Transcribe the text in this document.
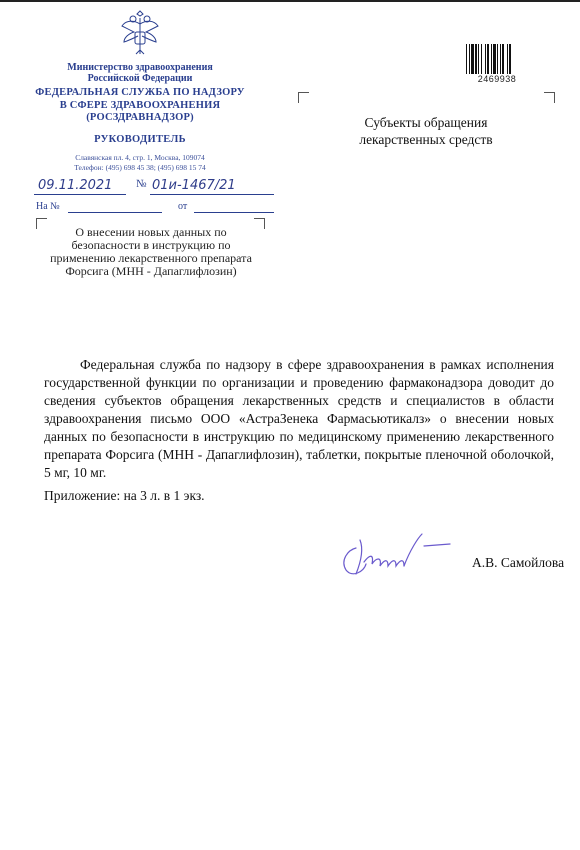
Министерство здравоохранения
Российской Федерации
ФЕДЕРАЛЬНАЯ СЛУЖБА ПО НАДЗОРУ
В СФЕРЕ ЗДРАВООХРАНЕНИЯ
(РОСЗДРАВНАДЗОР)
РУКОВОДИТЕЛЬ
Славянская пл. 4, стр. 1, Москва, 109074
Телефон: (495) 698 45 38; (495) 698 15 74
09.11.2021 № 01и-1467/21
На №	от
О внесении новых данных по
безопасности в инструкцию по
применению лекарственного препарата
Форсига (МНН - Дапаглифлозин)
2469938
Субъекты обращения
лекарственных средств
Федеральная служба по надзору в сфере здравоохранения в рамках исполнения государственной функции по организации и проведению фармаконадзора доводит до сведения субъектов обращения лекарственных средств и специалистов в области здравоохранения письмо ООО «АстраЗенека Фармасьютикалз» о внесении новых данных по безопасности в инструкцию по медицинскому применению лекарственного препарата Форсига (МНН - Дапаглифлозин), таблетки, покрытые пленочной оболочкой, 5 мг, 10 мг.
Приложение: на 3 л. в 1 экз.
А.В. Самойлова
